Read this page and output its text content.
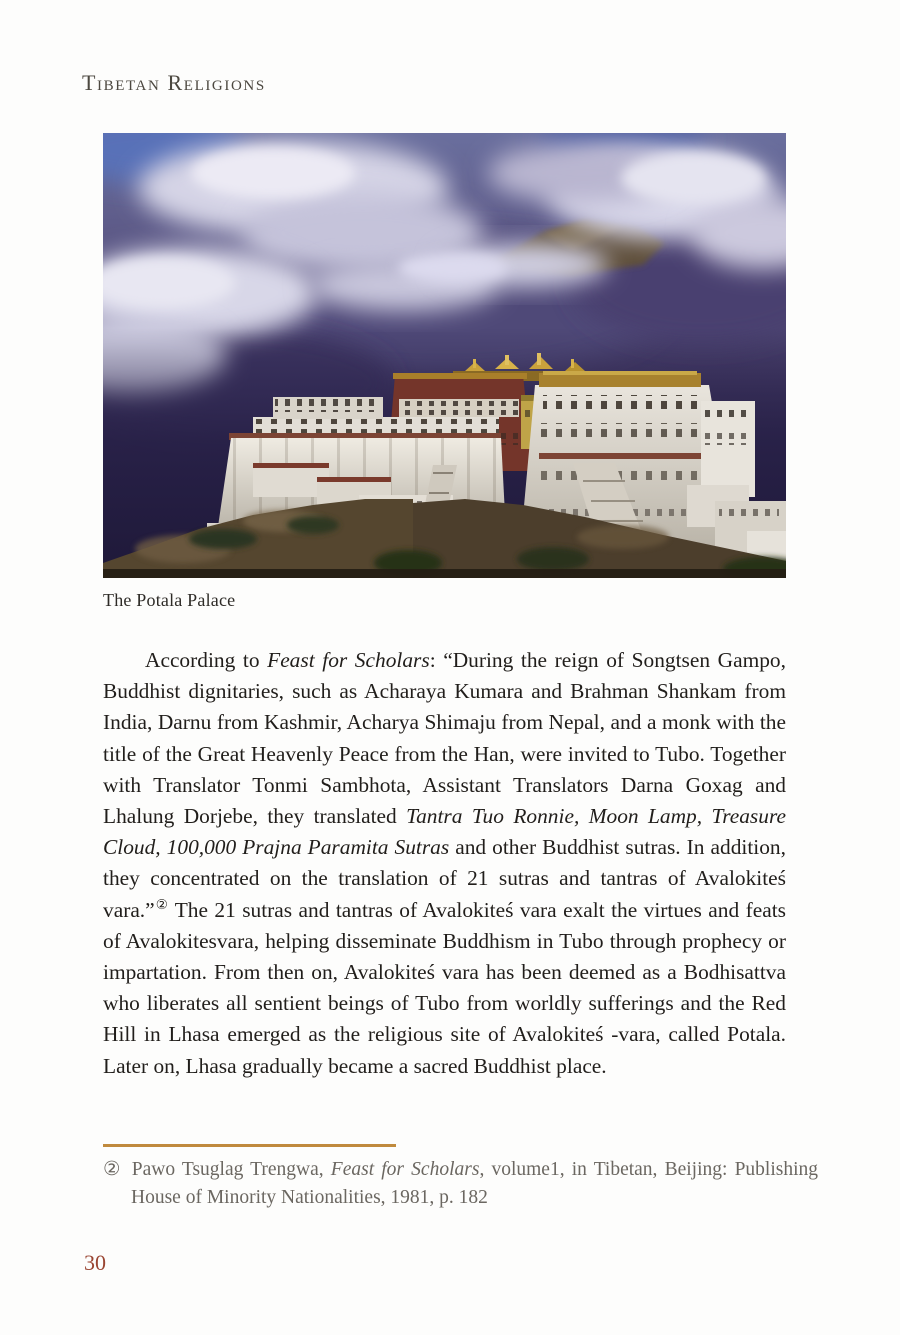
Tibetan Religions
The Potala Palace

According to Feast for Scholars: “During the reign of Songtsen Gampo, Buddhist dignitaries, such as Acharaya Kumara and Brahman Shankam from India, Darnu from Kashmir, Acharya Shimaju from Nepal, and a monk with the title of the Great Heavenly Peace from the Han, were invited to Tubo. Together with Translator Tonmi Sambhota, Assistant Translators Darna Goxag and Lhalung Dorjebe, they translated Tantra Tuo Ronnie, Moon Lamp, Treasure Cloud, 100,000 Prajna Paramita Sutras and other Buddhist sutras. In addition, they concentrated on the translation of 21 sutras and tantras of Avalokiteś vara.”② The 21 sutras and tantras of Avalokiteś vara exalt the virtues and feats of Avalokitesvara, helping disseminate Buddhism in Tubo through prophecy or impartation. From then on, Avalokiteś vara has been deemed as a Bodhisattva who liberates all sentient beings of Tubo from worldly sufferings and the Red Hill in Lhasa emerged as the religious site of Avalokiteś -vara, called Potala. Later on, Lhasa gradually became a sacred Buddhist place.

② Pawo Tsuglag Trengwa, Feast for Scholars, volume1, in Tibetan, Beijing: Publishing House of Minority Nationalities, 1981, p. 182
30
